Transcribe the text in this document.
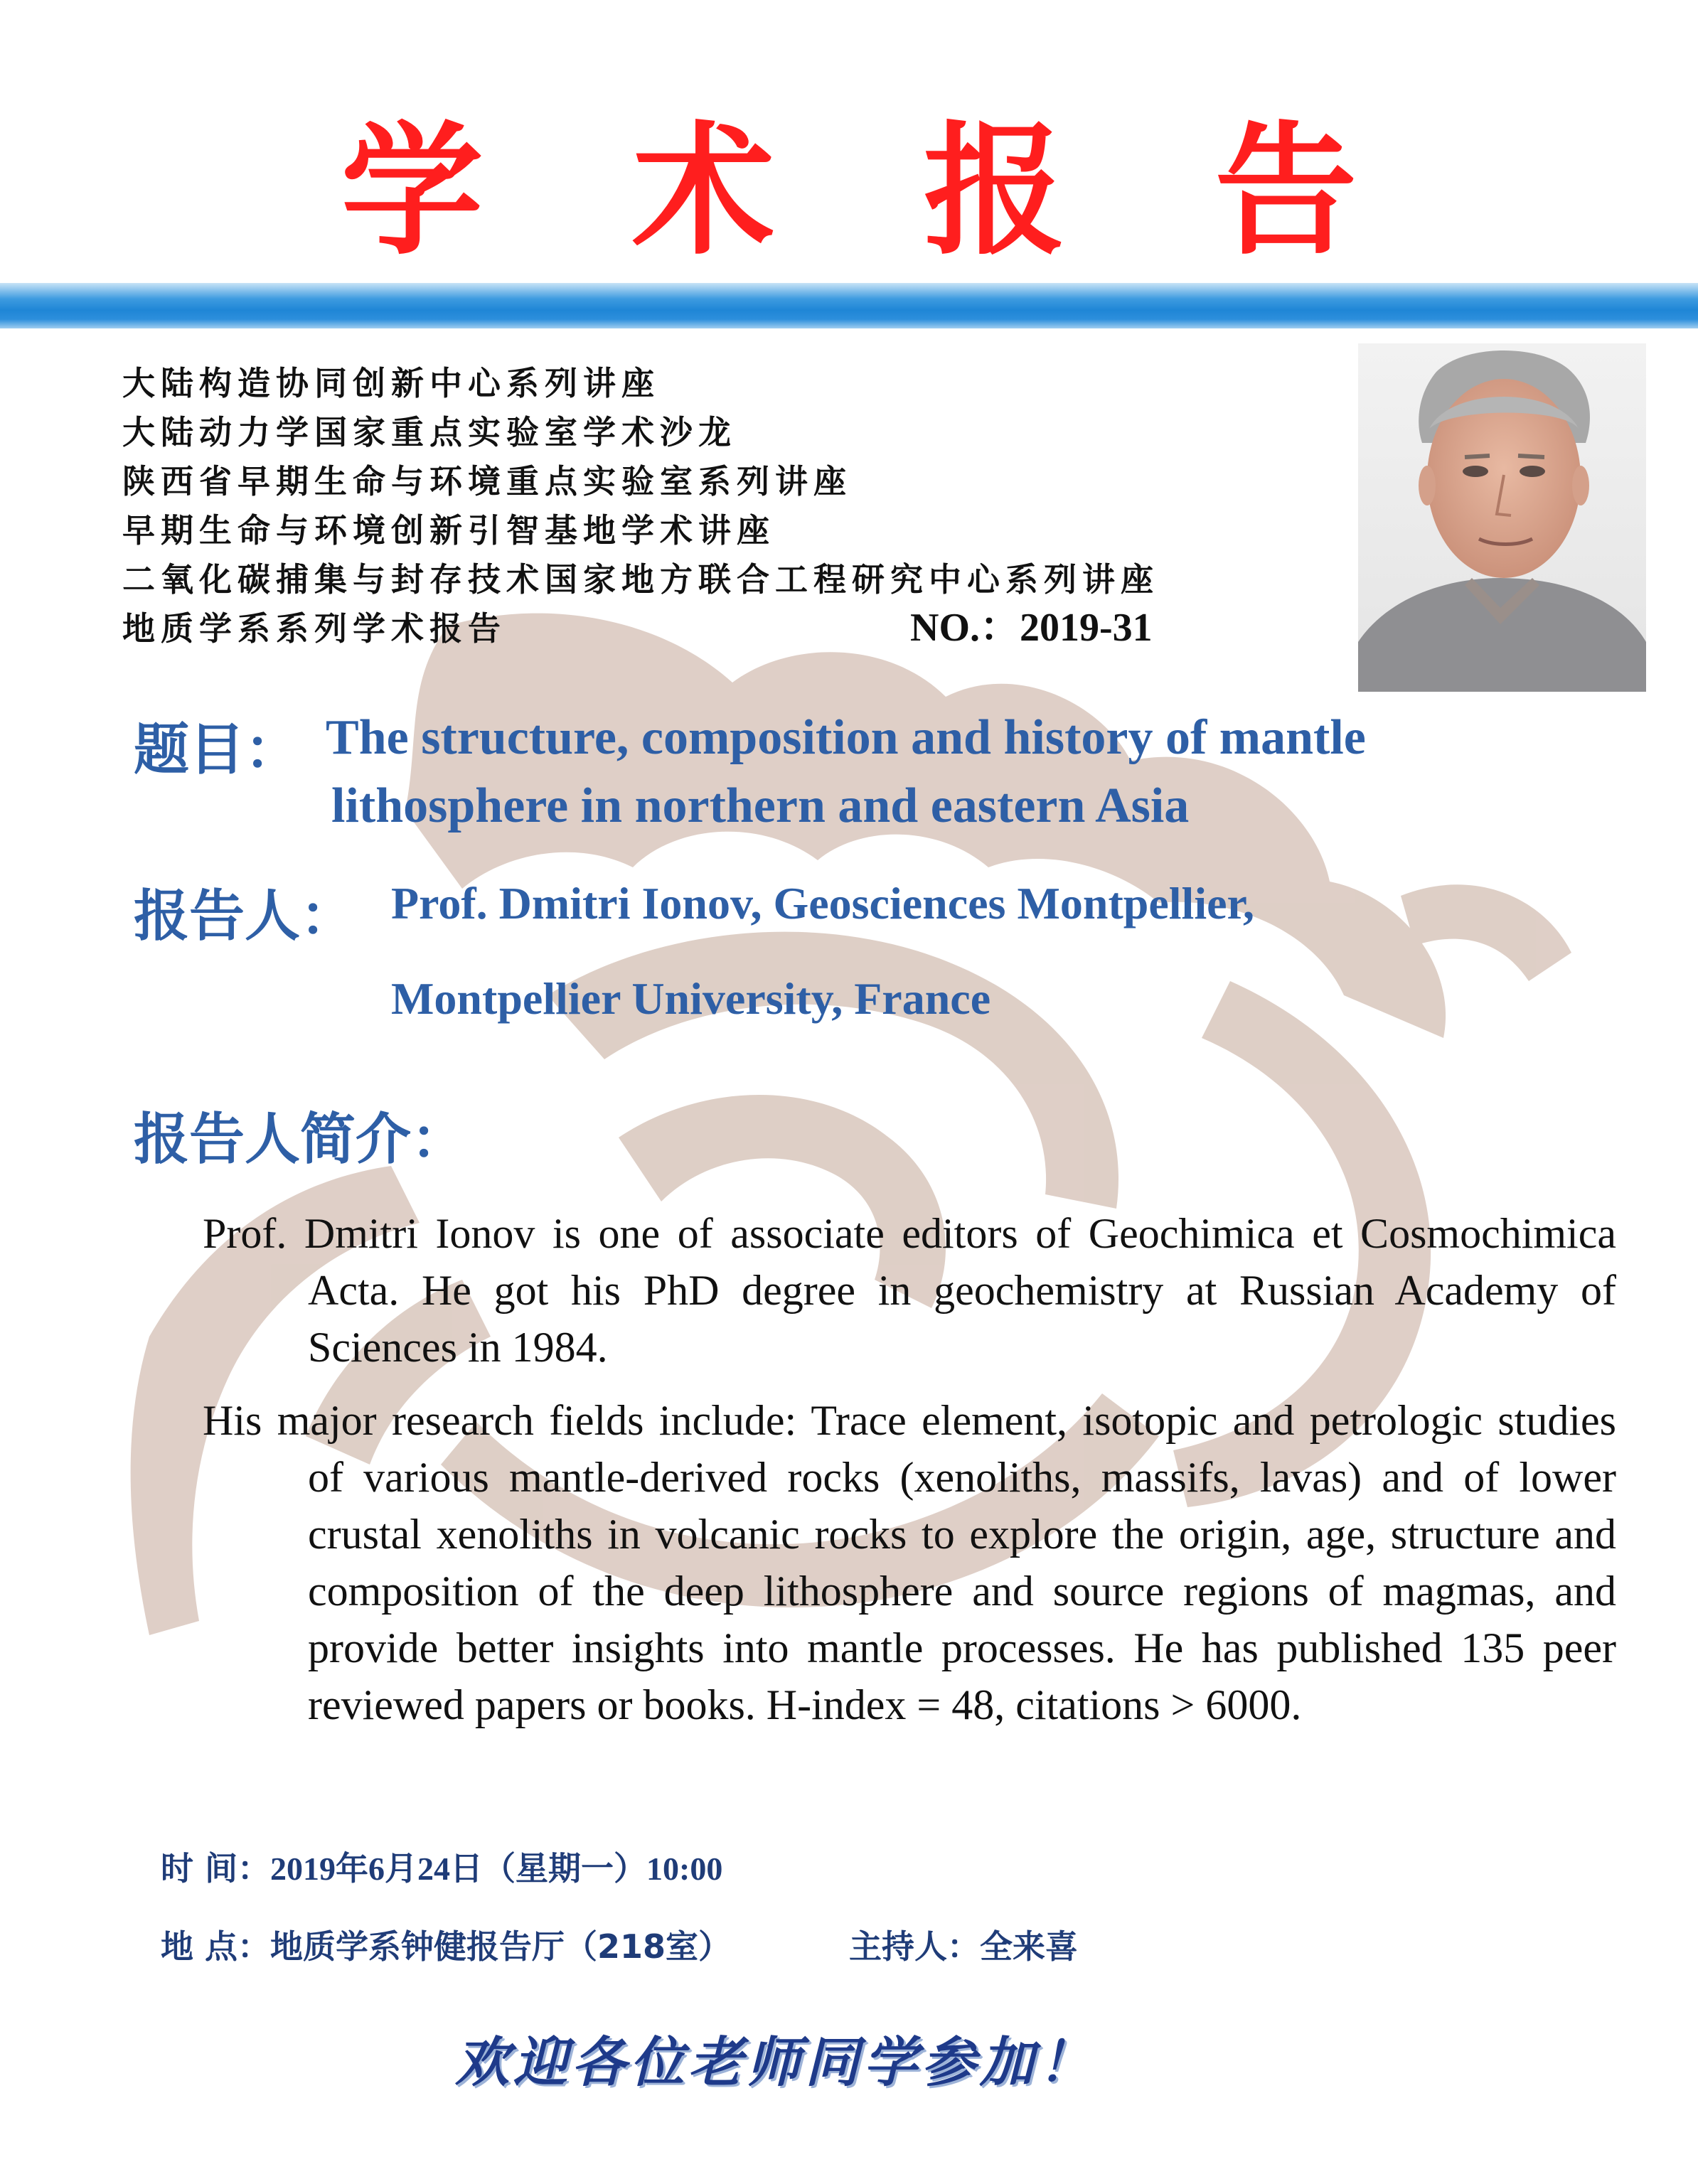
学 术 报 告
大陆构造协同创新中心系列讲座
大陆动力学国家重点实验室学术沙龙
陕西省早期生命与环境重点实验室系列讲座
早期生命与环境创新引智基地学术讲座
二氧化碳捕集与封存技术国家地方联合工程研究中心系列讲座
地质学系系列学术报告	NO.：2019-31
题目： The structure, composition and history of mantle
lithosphere in northern and eastern Asia
报告人： Prof. Dmitri Ionov, Geosciences Montpellier,
Montpellier University, France
报告人简介：
Prof. Dmitri Ionov is one of associate editors of Geochimica et Cosmochimica Acta. He got his PhD degree in geochemistry at Russian Academy of Sciences in 1984.
His major research fields include: Trace element, isotopic and petrologic studies of various mantle-derived rocks (xenoliths, massifs, lavas) and of lower crustal xenoliths in volcanic rocks to explore the origin, age, structure and composition of the deep lithosphere and source regions of magmas, and provide better insights into mantle processes. He has published 135 peer reviewed papers or books. H-index = 48, citations > 6000.
时 间：2019年6月24日（星期一）10:00
地 点：地质学系钟健报告厅（218室）	主持人：全来喜
欢迎各位老师同学参加！
